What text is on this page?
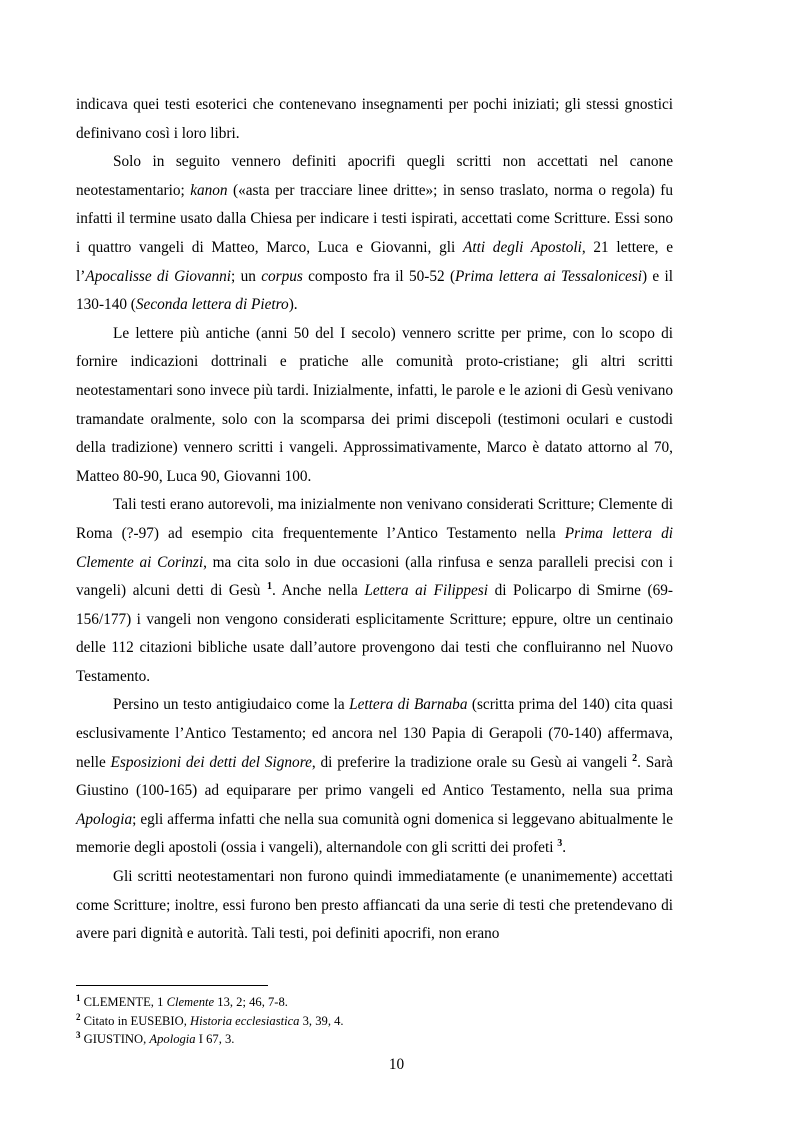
indicava quei testi esoterici che contenevano insegnamenti per pochi iniziati; gli stessi gnostici definivano così i loro libri.

Solo in seguito vennero definiti apocrifi quegli scritti non accettati nel canone neotestamentario; kanon («asta per tracciare linee dritte»; in senso traslato, norma o regola) fu infatti il termine usato dalla Chiesa per indicare i testi ispirati, accettati come Scritture. Essi sono i quattro vangeli di Matteo, Marco, Luca e Giovanni, gli Atti degli Apostoli, 21 lettere, e l’Apocalisse di Giovanni; un corpus composto fra il 50-52 (Prima lettera ai Tessalonicesi) e il 130-140 (Seconda lettera di Pietro).

Le lettere più antiche (anni 50 del I secolo) vennero scritte per prime, con lo scopo di fornire indicazioni dottrinali e pratiche alle comunità proto-cristiane; gli altri scritti neotestamentari sono invece più tardi. Inizialmente, infatti, le parole e le azioni di Gesù venivano tramandate oralmente, solo con la scomparsa dei primi discepoli (testimoni oculari e custodi della tradizione) vennero scritti i vangeli. Approssimativamente, Marco è datato attorno al 70, Matteo 80-90, Luca 90, Giovanni 100.

Tali testi erano autorevoli, ma inizialmente non venivano considerati Scritture; Clemente di Roma (?-97) ad esempio cita frequentemente l’Antico Testamento nella Prima lettera di Clemente ai Corinzi, ma cita solo in due occasioni (alla rinfusa e senza paralleli precisi con i vangeli) alcuni detti di Gesù $^1$. Anche nella Lettera ai Filippesi di Policarpo di Smirne (69-156/177) i vangeli non vengono considerati esplicitamente Scritture; eppure, oltre un centinaio delle 112 citazioni bibliche usate dall’autore provengono dai testi che confluiranno nel Nuovo Testamento.

Persino un testo antigiudaico come la Lettera di Barnaba (scritta prima del 140) cita quasi esclusivamente l’Antico Testamento; ed ancora nel 130 Papia di Gerapoli (70-140) affermava, nelle Esposizioni dei detti del Signore, di preferire la tradizione orale su Gesù ai vangeli $^2$. Sarà Giustino (100-165) ad equiparare per primo vangeli ed Antico Testamento, nella sua prima Apologia; egli afferma infatti che nella sua comunità ogni domenica si leggevano abitualmente le memorie degli apostoli (ossia i vangeli), alternandole con gli scritti dei profeti $^3$.

Gli scritti neotestamentari non furono quindi immediatamente (e unanimemente) accettati come Scritture; inoltre, essi furono ben presto affiancati da una serie di testi che pretendevano di avere pari dignità e autorità. Tali testi, poi definiti apocrifi, non erano

$^1$ CLEMENTE, 1 Clemente 13, 2; 46, 7-8.
$^2$ Citato in EUSEBIO, Historia ecclesiastica 3, 39, 4.
$^3$ GIUSTINO, Apologia I 67, 3.
10
